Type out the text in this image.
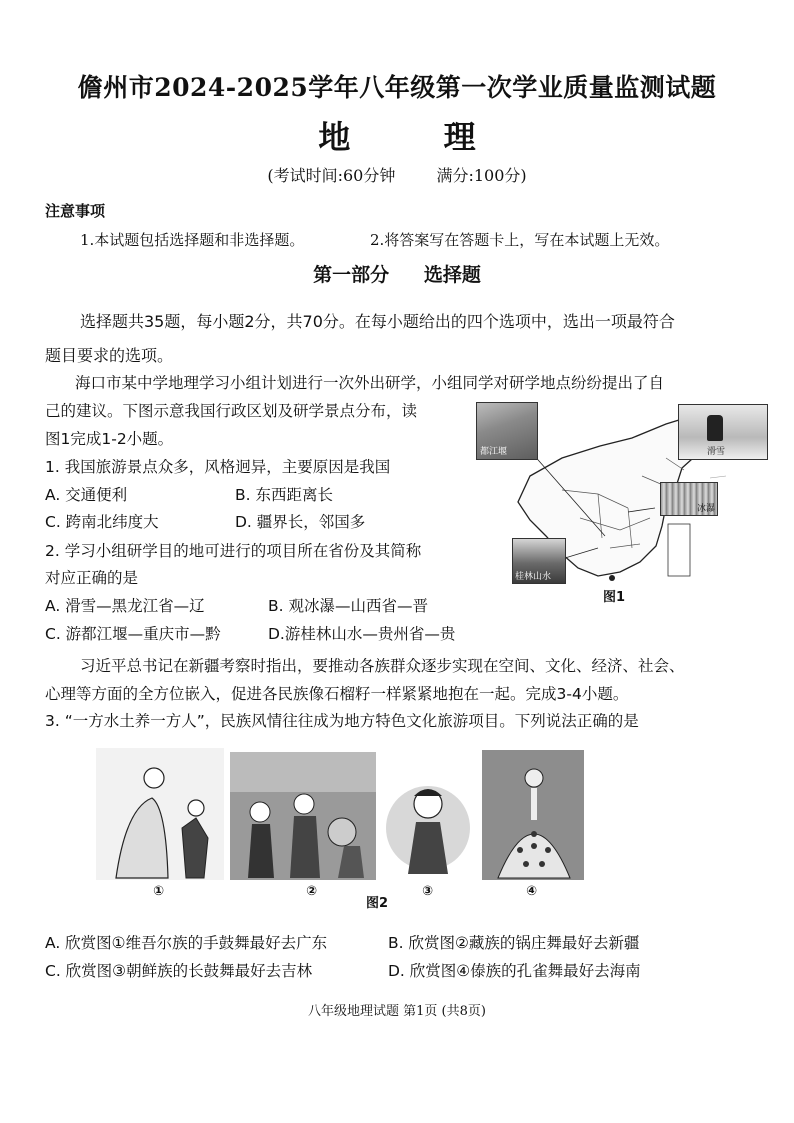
儋州市2024-2025学年八年级第一次学业质量监测试题
地 理
(考试时间:60分钟	满分:100分)
注意事项
1.本试题包括选择题和非选择题。	2.将答案写在答题卡上，写在本试题上无效。
第一部分 选择题
选择题共35题，每小题2分，共70分。在每小题给出的四个选项中，选出一项最符合
题目要求的选项。
海口市某中学地理学习小组计划进行一次外出研学，小组同学对研学地点纷纷提出了自
己的建议。下图示意我国行政区划及研学景点分布，读
图1完成1-2小题。
1. 我国旅游景点众多，风格迥异，主要原因是我国
A. 交通便利	B. 东西距离长
C. 跨南北纬度大	D. 疆界长，邻国多
2. 学习小组研学目的地可进行的项目所在省份及其简称
对应正确的是
A. 滑雪—黑龙江省—辽	B. 观冰瀑—山西省—晋
C. 游都江堰—重庆市—黔	D.游桂林山水—贵州省—贵
都江堰	滑雪
冰瀑
桂林山水
图1
习近平总书记在新疆考察时指出，要推动各族群众逐步实现在空间、文化、经济、社会、
心理等方面的全方位嵌入，促进各民族像石榴籽一样紧紧地抱在一起。完成3-4小题。
3. “一方水土养一方人”，民族风情往往成为地方特色文化旅游项目。下列说法正确的是
①	②	③	④
图2
A. 欣赏图①维吾尔族的手鼓舞最好去广东	B. 欣赏图②藏族的锅庄舞最好去新疆
C. 欣赏图③朝鲜族的长鼓舞最好去吉林	D. 欣赏图④傣族的孔雀舞最好去海南
八年级地理试题 第1页 (共8页)
